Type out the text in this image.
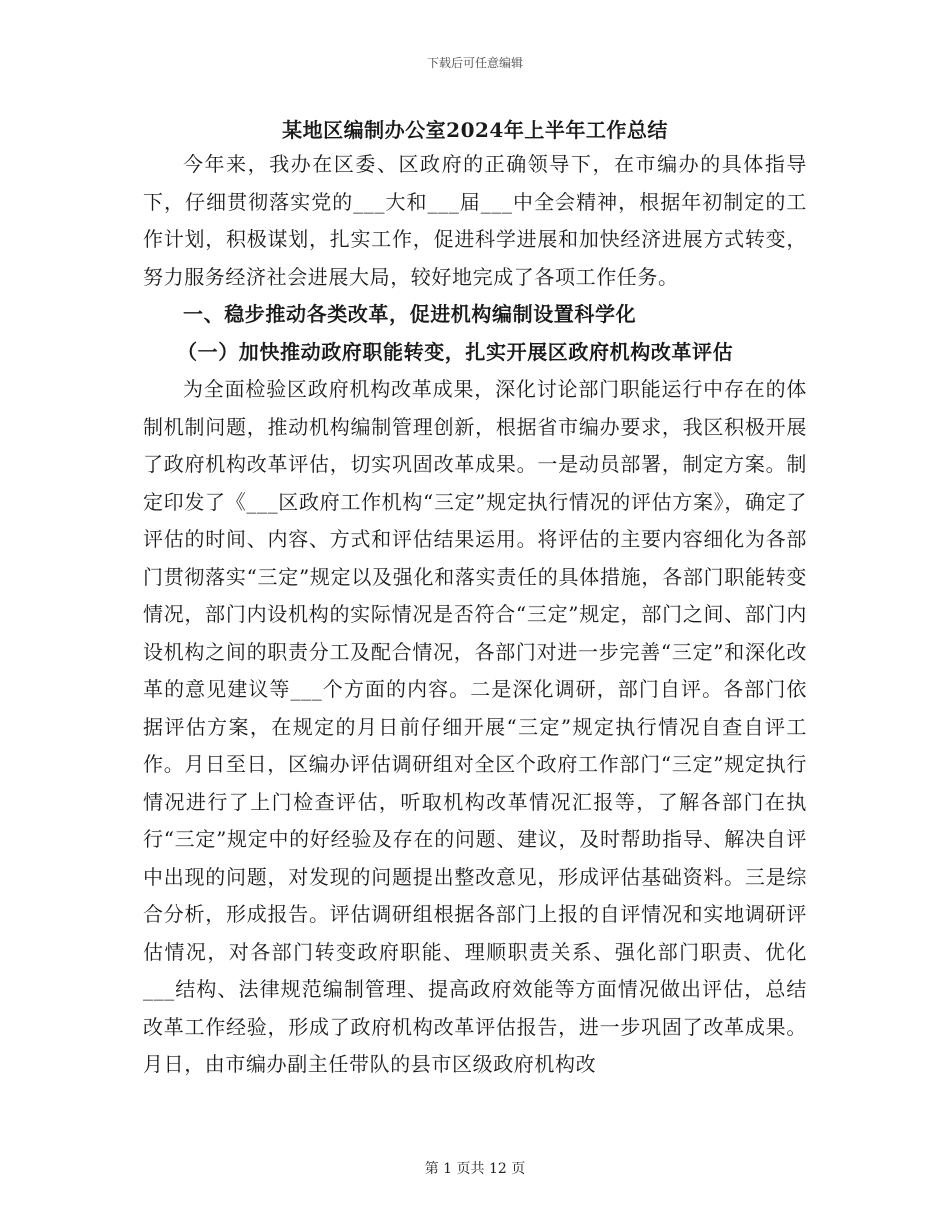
下载后可任意编辑
某地区编制办公室2024年上半年工作总结

今年来，我办在区委、区政府的正确领导下，在市编办的具体指导下，仔细贯彻落实党的___大和___届___中全会精神，根据年初制定的工作计划，积极谋划，扎实工作，促进科学进展和加快经济进展方式转变，努力服务经济社会进展大局，较好地完成了各项工作任务。

一、稳步推动各类改革，促进机构编制设置科学化

（一）加快推动政府职能转变，扎实开展区政府机构改革评估

为全面检验区政府机构改革成果，深化讨论部门职能运行中存在的体制机制问题，推动机构编制管理创新，根据省市编办要求，我区积极开展了政府机构改革评估，切实巩固改革成果。一是动员部署，制定方案。制定印发了《___区政府工作机构“三定”规定执行情况的评估方案》，确定了评估的时间、内容、方式和评估结果运用。将评估的主要内容细化为各部门贯彻落实“三定”规定以及强化和落实责任的具体措施，各部门职能转变情况，部门内设机构的实际情况是否符合“三定”规定，部门之间、部门内设机构之间的职责分工及配合情况，各部门对进一步完善“三定”和深化改革的意见建议等___个方面的内容。二是深化调研，部门自评。各部门依据评估方案，在规定的月日前仔细开展“三定”规定执行情况自查自评工作。月日至日，区编办评估调研组对全区个政府工作部门“三定”规定执行情况进行了上门检查评估，听取机构改革情况汇报等，了解各部门在执行“三定”规定中的好经验及存在的问题、建议，及时帮助指导、解决自评中出现的问题，对发现的问题提出整改意见，形成评估基础资料。三是综合分析，形成报告。评估调研组根据各部门上报的自评情况和实地调研评估情况，对各部门转变政府职能、理顺职责关系、强化部门职责、优化___结构、法律规范编制管理、提高政府效能等方面情况做出评估，总结改革工作经验，形成了政府机构改革评估报告，进一步巩固了改革成果。月日，由市编办副主任带队的县市区级政府机构改

第 1 页共 12 页
